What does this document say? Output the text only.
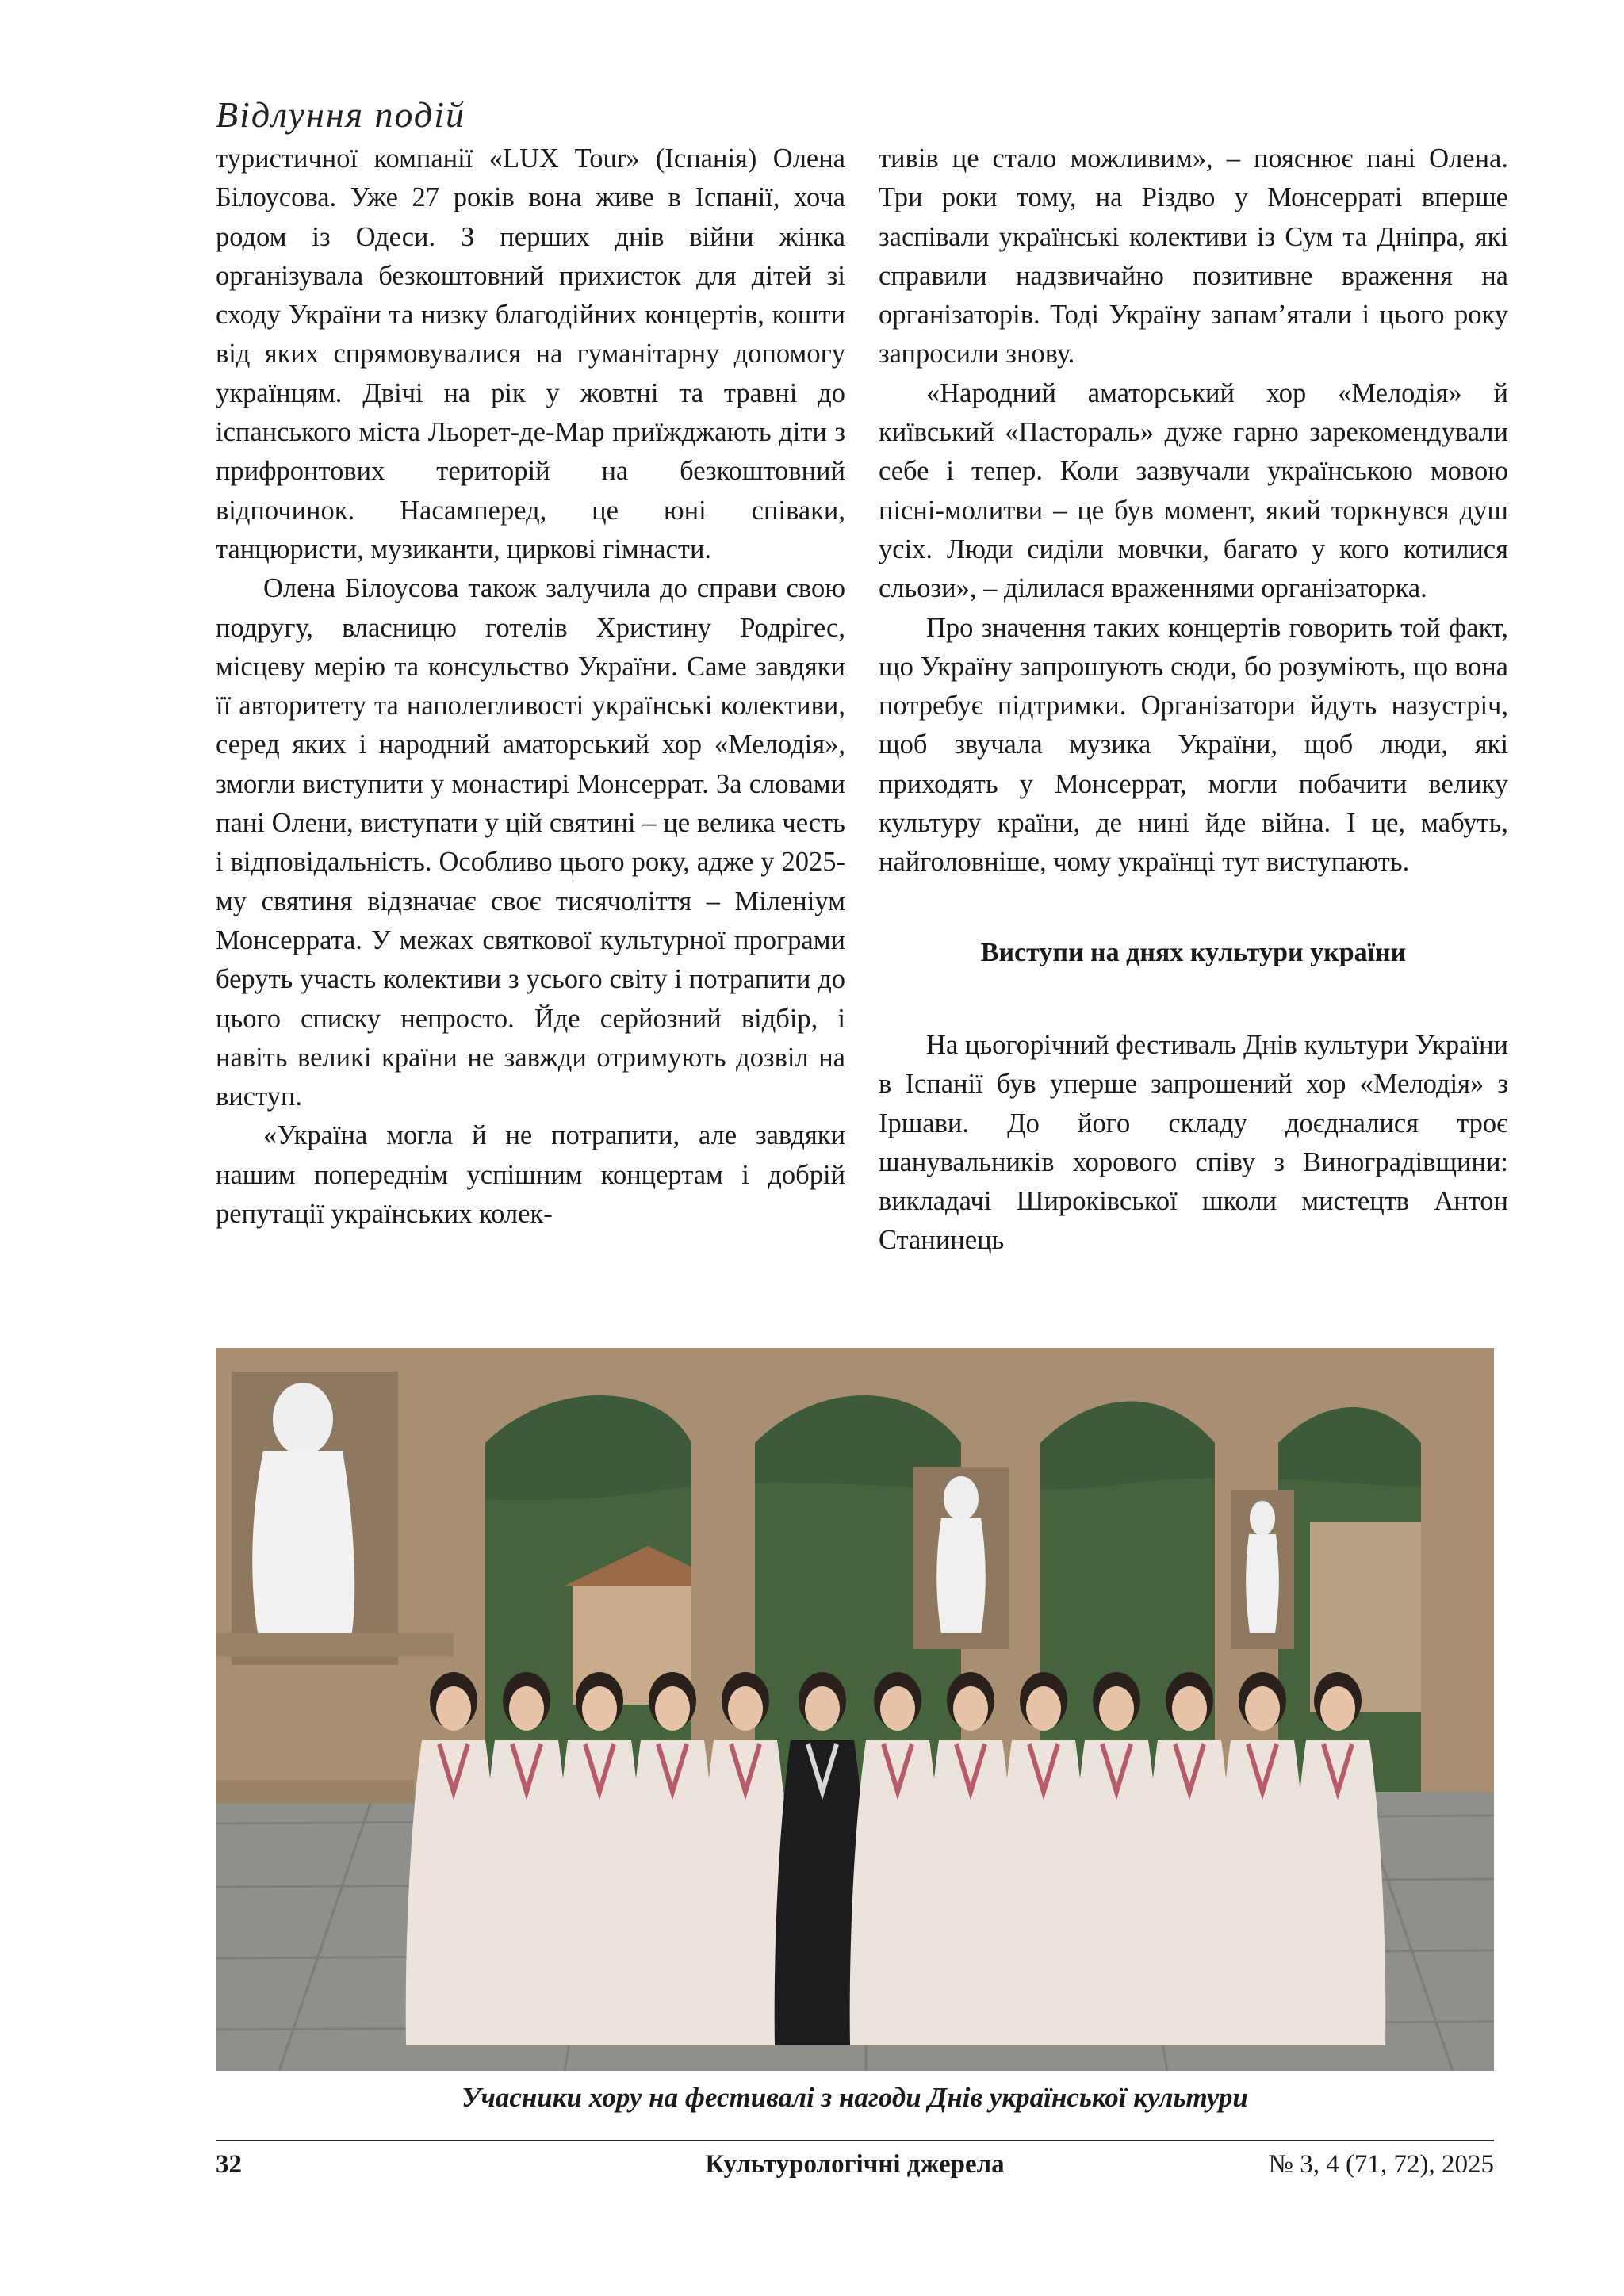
Відлуння подій

туристичної компанії «LUX Tour» (Іспанія) Олена Білоусова. Уже 27 років вона живе в Іспанії, хоча родом із Одеси. З перших днів війни жінка організувала безкоштовний прихисток для дітей зі сходу України та низку благодійних концертів, кошти від яких спрямовувалися на гуманітарну допомогу українцям. Двічі на рік у жовтні та травні до іспанського міста Льорет-де-Мар приїжджають діти з прифронтових територій на безкоштовний відпочинок. Насамперед, це юні співаки, танцюристи, музиканти, циркові гімнасти.

Олена Білоусова також залучила до справи свою подругу, власницю готелів Христину Родрігес, місцеву мерію та консульство України. Саме завдяки її авторитету та наполегливості українські колективи, серед яких і народний аматорський хор «Мелодія», змогли виступити у монастирі Монсеррат. За словами пані Олени, виступати у цій святині – це велика честь і відповідальність. Особливо цього року, адже у 2025-му святиня відзначає своє тисячоліття – Міленіум Монсеррата. У межах святкової культурної програми беруть участь колективи з усього світу і потрапити до цього списку непросто. Йде серйозний відбір, і навіть великі країни не завжди отримують дозвіл на виступ.

«Україна могла й не потрапити, але завдяки нашим попереднім успішним концертам і добрій репутації українських колек-

тивів це стало можливим», – пояснює пані Олена. Три роки тому, на Різдво у Монсерраті вперше заспівали українські колективи із Сум та Дніпра, які справили надзвичайно позитивне враження на організаторів. Тоді Україну запам’ятали і цього року запросили знову.

«Народний аматорський хор «Мелодія» й київський «Пастораль» дуже гарно зарекомендували себе і тепер. Коли зазвучали українською мовою пісні-молитви – це був момент, який торкнувся душ усіх. Люди сиділи мовчки, багато у кого котилися сльози», – ділилася враженнями організаторка.

Про значення таких концертів говорить той факт, що Україну запрошують сюди, бо розуміють, що вона потребує підтримки. Організатори йдуть назустріч, щоб звучала музика України, щоб люди, які приходять у Монсеррат, могли побачити велику культуру країни, де нині йде війна. І це, мабуть, найголовніше, чому українці тут виступають.

Виступи на днях культури україни

На цьогорічний фестиваль Днів культури України в Іспанії був уперше запрошений хор «Мелодія» з Іршави. До його складу доєдналися троє шанувальників хорового співу з Виноградівщини: викладачі Широківської школи мистецтв Антон Станинець

Учасники хору на фестивалі з нагоди Днів української культури
Культурологічні джерела
32	№ 3, 4 (71, 72), 2025
